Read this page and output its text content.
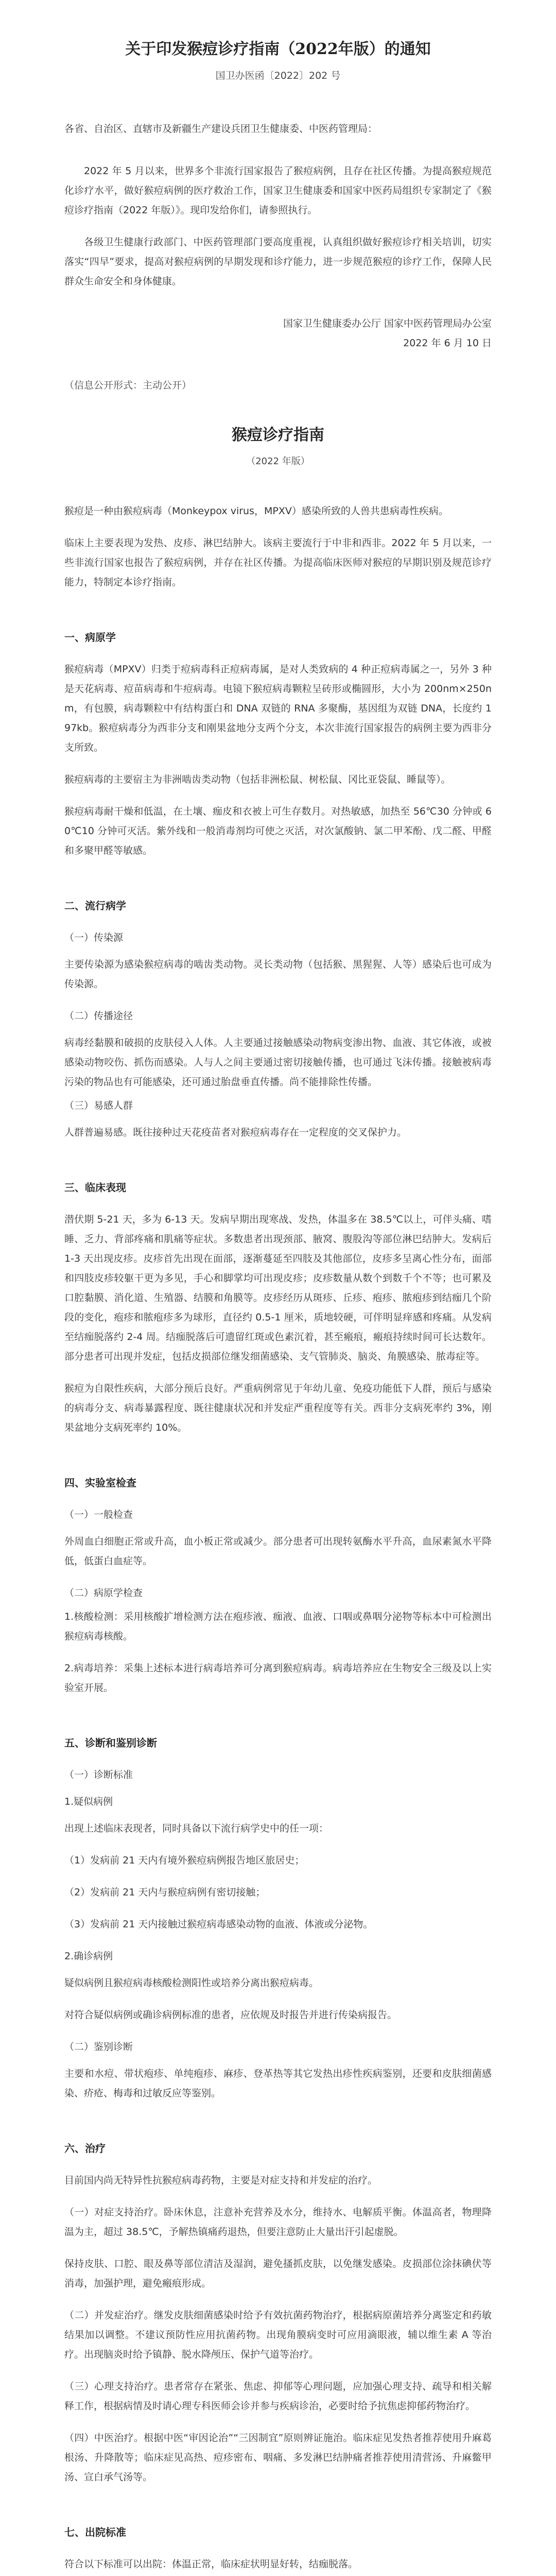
关于印发猴痘诊疗指南（2022年版）的通知
国卫办医函〔2022〕202 号

各省、自治区、直辖市及新疆生产建设兵团卫生健康委、中医药管理局：

2022 年 5 月以来，世界多个非流行国家报告了猴痘病例，且存在社区传播。为提高猴痘规范化诊疗水平，做好猴痘病例的医疗救治工作，国家卫生健康委和国家中医药局组织专家制定了《猴痘诊疗指南（2022 年版）》。现印发给你们，请参照执行。

各级卫生健康行政部门、中医药管理部门要高度重视，认真组织做好猴痘诊疗相关培训，切实落实“四早”要求，提高对猴痘病例的早期发现和诊疗能力，进一步规范猴痘的诊疗工作，保障人民群众生命安全和身体健康。

国家卫生健康委办公厅 国家中医药管理局办公室

2022 年 6 月 10 日

（信息公开形式：主动公开）

猴痘诊疗指南
（2022 年版）

猴痘是一种由猴痘病毒（Monkeypox virus，MPXV）感染所致的人兽共患病毒性疾病。

临床上主要表现为发热、皮疹、淋巴结肿大。该病主要流行于中非和西非。2022 年 5 月以来，一些非流行国家也报告了猴痘病例，并存在社区传播。为提高临床医师对猴痘的早期识别及规范诊疗能力，特制定本诊疗指南。

一、病原学

猴痘病毒（MPXV）归类于痘病毒科正痘病毒属，是对人类致病的 4 种正痘病毒属之一，另外 3 种是天花病毒、痘苗病毒和牛痘病毒。电镜下猴痘病毒颗粒呈砖形或椭圆形，大小为 200nm×250nm，有包膜，病毒颗粒中有结构蛋白和 DNA 双链的 RNA 多聚酶，基因组为双链 DNA，长度约 197kb。猴痘病毒分为西非分支和刚果盆地分支两个分支，本次非流行国家报告的病例主要为西非分支所致。

猴痘病毒的主要宿主为非洲啮齿类动物（包括非洲松鼠、树松鼠、冈比亚袋鼠、睡鼠等）。

猴痘病毒耐干燥和低温，在土壤、痂皮和衣被上可生存数月。对热敏感，加热至 56℃30 分钟或 60℃10 分钟可灭活。紫外线和一般消毒剂均可使之灭活，对次氯酸钠、氯二甲苯酚、戊二醛、甲醛和多聚甲醛等敏感。

二、流行病学

（一）传染源

主要传染源为感染猴痘病毒的啮齿类动物。灵长类动物（包括猴、黑猩猩、人等）感染后也可成为传染源。

（二）传播途径

病毒经黏膜和破损的皮肤侵入人体。人主要通过接触感染动物病变渗出物、血液、其它体液，或被感染动物咬伤、抓伤而感染。人与人之间主要通过密切接触传播，也可通过飞沫传播。接触被病毒污染的物品也有可能感染，还可通过胎盘垂直传播。尚不能排除性传播。

（三）易感人群

人群普遍易感。既往接种过天花疫苗者对猴痘病毒存在一定程度的交叉保护力。

三、临床表现

潜伏期 5-21 天，多为 6-13 天。发病早期出现寒战、发热，体温多在 38.5℃以上，可伴头痛、嗜睡、乏力、背部疼痛和肌痛等症状。多数患者出现颈部、腋窝、腹股沟等部位淋巴结肿大。发病后 1-3 天出现皮疹。皮疹首先出现在面部，逐渐蔓延至四肢及其他部位，皮疹多呈离心性分布，面部和四肢皮疹较躯干更为多见，手心和脚掌均可出现皮疹；皮疹数量从数个到数千个不等；也可累及口腔黏膜、消化道、生殖器、结膜和角膜等。皮疹经历从斑疹、丘疹、疱疹、脓疱疹到结痂几个阶段的变化，疱疹和脓疱疹多为球形，直径约 0.5-1 厘米，质地较硬，可伴明显痒感和疼痛。从发病至结痂脱落约 2-4 周。结痂脱落后可遗留红斑或色素沉着，甚至瘢痕，瘢痕持续时间可长达数年。部分患者可出现并发症，包括皮损部位继发细菌感染、支气管肺炎、脑炎、角膜感染、脓毒症等。

猴痘为自限性疾病，大部分预后良好。严重病例常见于年幼儿童、免疫功能低下人群，预后与感染的病毒分支、病毒暴露程度、既往健康状况和并发症严重程度等有关。西非分支病死率约 3%，刚果盆地分支病死率约 10%。

四、实验室检查

（一）一般检查

外周血白细胞正常或升高，血小板正常或减少。部分患者可出现转氨酶水平升高，血尿素氮水平降低，低蛋白血症等。

（二）病原学检查

1.核酸检测：采用核酸扩增检测方法在疱疹液、痂液、血液、口咽或鼻咽分泌物等标本中可检测出猴痘病毒核酸。

2.病毒培养：采集上述标本进行病毒培养可分离到猴痘病毒。病毒培养应在生物安全三级及以上实验室开展。

五、诊断和鉴别诊断

（一）诊断标准

1.疑似病例

出现上述临床表现者，同时具备以下流行病学史中的任一项：

（1）发病前 21 天内有境外猴痘病例报告地区旅居史；

（2）发病前 21 天内与猴痘病例有密切接触；

（3）发病前 21 天内接触过猴痘病毒感染动物的血液、体液或分泌物。

2.确诊病例

疑似病例且猴痘病毒核酸检测阳性或培养分离出猴痘病毒。

对符合疑似病例或确诊病例标准的患者，应依规及时报告并进行传染病报告。

（二）鉴别诊断

主要和水痘、带状疱疹、单纯疱疹、麻疹、登革热等其它发热出疹性疾病鉴别，还要和皮肤细菌感染、疥疮、梅毒和过敏反应等鉴别。

六、治疗

目前国内尚无特异性抗猴痘病毒药物，主要是对症支持和并发症的治疗。

（一）对症支持治疗。卧床休息，注意补充营养及水分，维持水、电解质平衡。体温高者，物理降温为主，超过 38.5℃，予解热镇痛药退热，但要注意防止大量出汗引起虚脱。

保持皮肤、口腔、眼及鼻等部位清洁及湿润，避免搔抓皮肤，以免继发感染。皮损部位涂抹碘伏等消毒，加强护理，避免瘢痕形成。

（二）并发症治疗。继发皮肤细菌感染时给予有效抗菌药物治疗，根据病原菌培养分离鉴定和药敏结果加以调整。不建议预防性应用抗菌药物。出现角膜病变时可应用滴眼液，辅以维生素 A 等治疗。出现脑炎时给予镇静、脱水降颅压、保护气道等治疗。

（三）心理支持治疗。患者常存在紧张、焦虑、抑郁等心理问题，应加强心理支持、疏导和相关解释工作，根据病情及时请心理专科医师会诊并参与疾病诊治，必要时给予抗焦虑抑郁药物治疗。

（四）中医治疗。根据中医“审因论治”“三因制宜”原则辨证施治。临床症见发热者推荐使用升麻葛根汤、升降散等；临床症见高热、痘疹密布、咽痛、多发淋巴结肿痛者推荐使用清营汤、升麻鳖甲汤、宣白承气汤等。

七、出院标准

符合以下标准可以出院：体温正常，临床症状明显好转，结痂脱落。
